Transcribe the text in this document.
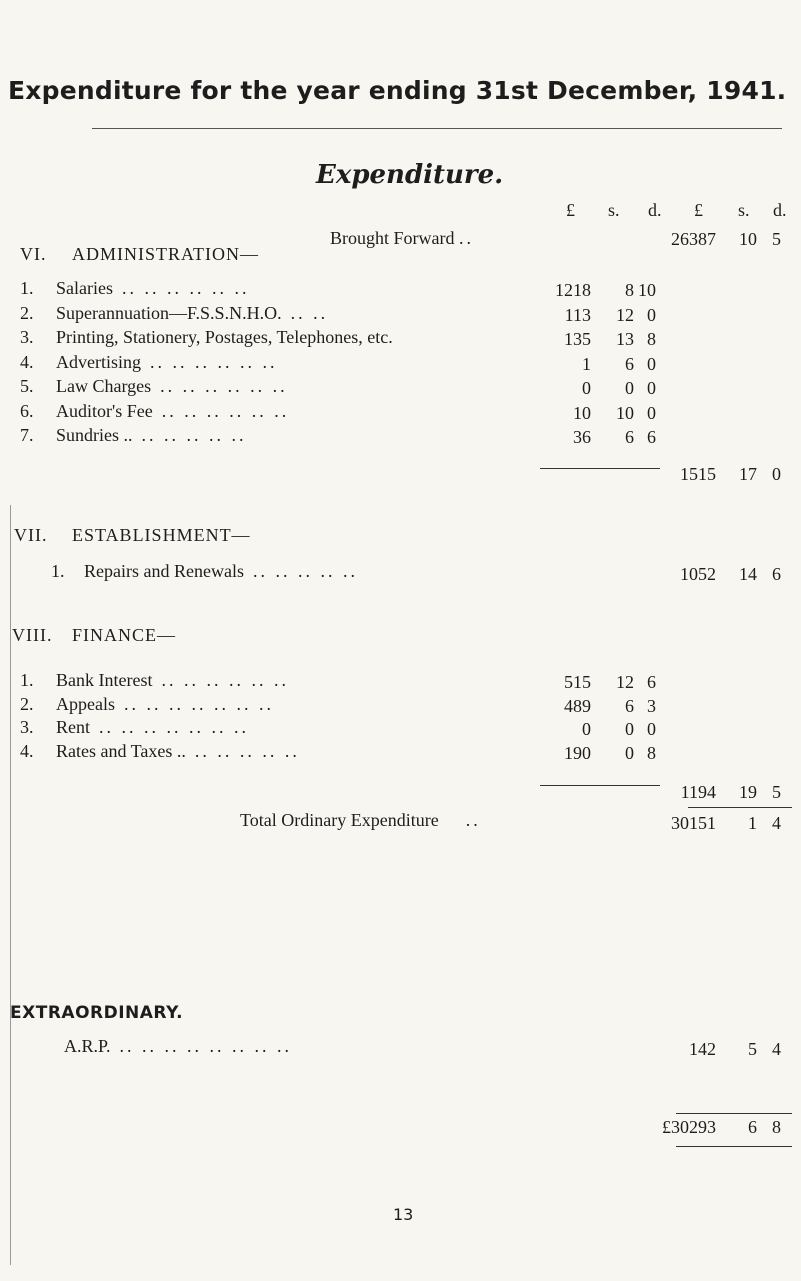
Expenditure for the year ending 31st December, 1941.
Expenditure.
£ s. d. £ s. d.
Brought Forward ..	26387 10 5
VI. ADMINISTRATION—
1. Salaries .. .. .. .. .. ..	1218 8 10
2. Superannuation—F.S.S.N.H.O. .. ..	113 12 0
3. Printing, Stationery, Postages, Telephones, etc.	135 13 8
4. Advertising .. .. .. .. .. ..	1 6 0
5. Law Charges .. .. .. .. .. ..	0 0 0
6. Auditor's Fee .. .. .. .. .. ..	10 10 0
7. Sundries .. .. .. .. .. ..	36 6 6
1515 17 0
VII. ESTABLISHMENT—
1. Repairs and Renewals .. .. .. .. ..	1052 14 6
VIII. FINANCE—
1. Bank Interest .. .. .. .. .. ..	515 12 6
2. Appeals .. .. .. .. .. .. ..	489 6 3
3. Rent .. .. .. .. .. .. ..	0 0 0
4. Rates and Taxes .. .. .. .. .. ..	190 0 8
1194 19 5
Total Ordinary Expenditure ..	30151 1 4
EXTRAORDINARY.
A.R.P. .. .. .. .. .. .. .. ..	142 5 4
£30293 6 8
13
